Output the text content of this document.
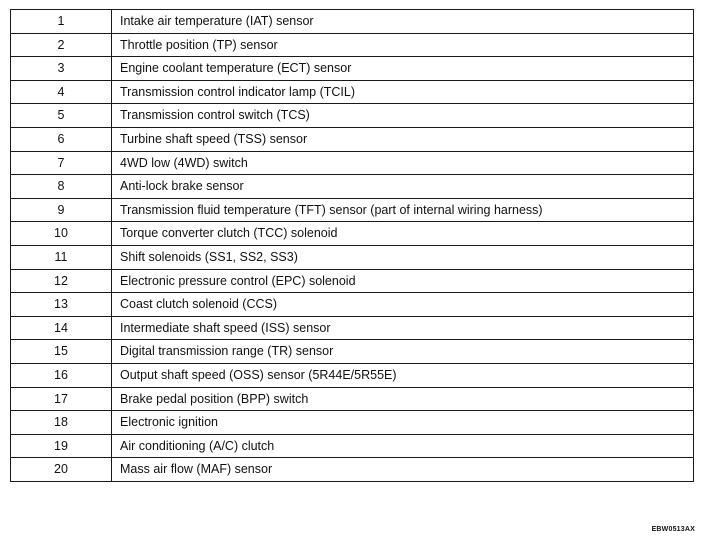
1	Intake air temperature (IAT) sensor
2	Throttle position (TP) sensor
3	Engine coolant temperature (ECT) sensor
4	Transmission control indicator lamp (TCIL)
5	Transmission control switch (TCS)
6	Turbine shaft speed (TSS) sensor
7	4WD low (4WD) switch
8	Anti-lock brake sensor
9	Transmission fluid temperature (TFT) sensor (part of internal wiring harness)
10	Torque converter clutch (TCC) solenoid
11	Shift solenoids (SS1, SS2, SS3)
12	Electronic pressure control (EPC) solenoid
13	Coast clutch solenoid (CCS)
14	Intermediate shaft speed (ISS) sensor
15	Digital transmission range (TR) sensor
16	Output shaft speed (OSS) sensor (5R44E/5R55E)
17	Brake pedal position (BPP) switch
18	Electronic ignition
19	Air conditioning (A/C) clutch
20	Mass air flow (MAF) sensor
EBW0513AX
